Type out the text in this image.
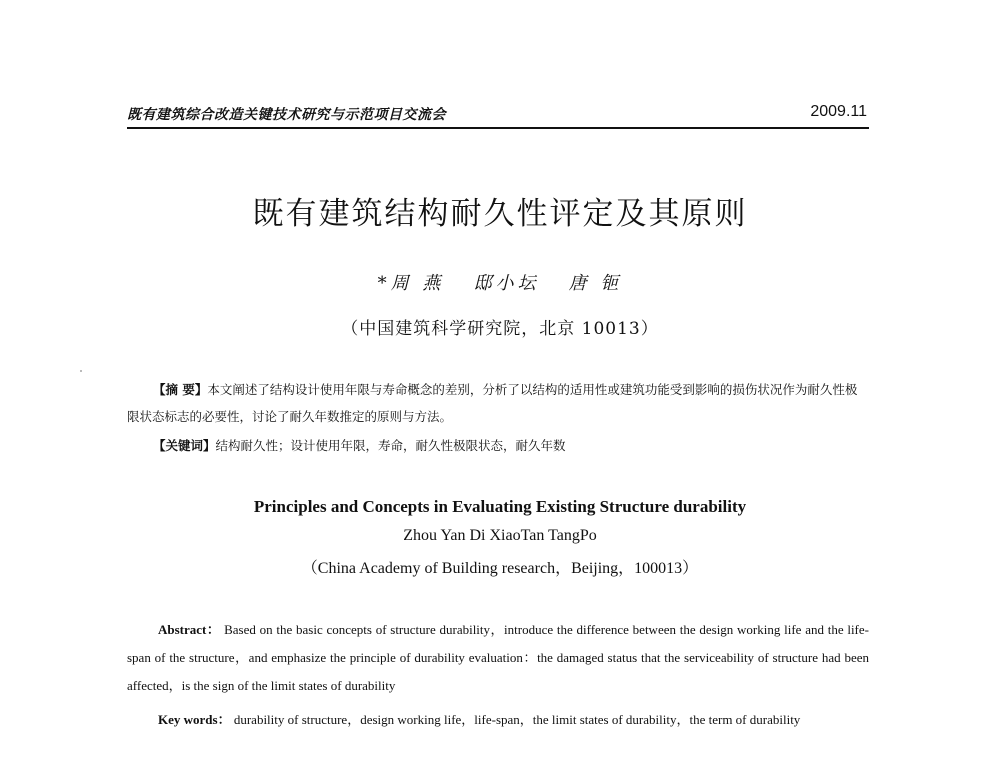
既有建筑综合改造关键技术研究与示范项目交流会	2009.11
既有建筑结构耐久性评定及其原则
*周 燕   邸小坛   唐 钷
（中国建筑科学研究院，北京 10013）
【摘 要】本文阐述了结构设计使用年限与寿命概念的差别，分析了以结构的适用性或建筑功能受到影响的损伤状况作为耐久性极限状态标志的必要性，讨论了耐久年数推定的原则与方法。
【关键词】结构耐久性；设计使用年限，寿命，耐久性极限状态，耐久年数
Principles and Concepts in Evaluating Existing Structure durability
Zhou Yan Di XiaoTan TangPo
（China Academy of Building research，Beijing，100013）
Abstract： Based on the basic concepts of structure durability，introduce the difference between the design working life and the life-span of the structure，and emphasize the principle of durability evaluation：the damaged status that the serviceability of structure had been affected，is the sign of the limit states of durability
Key words： durability of structure，design working life，life-span，the limit states of durability，the term of durability
